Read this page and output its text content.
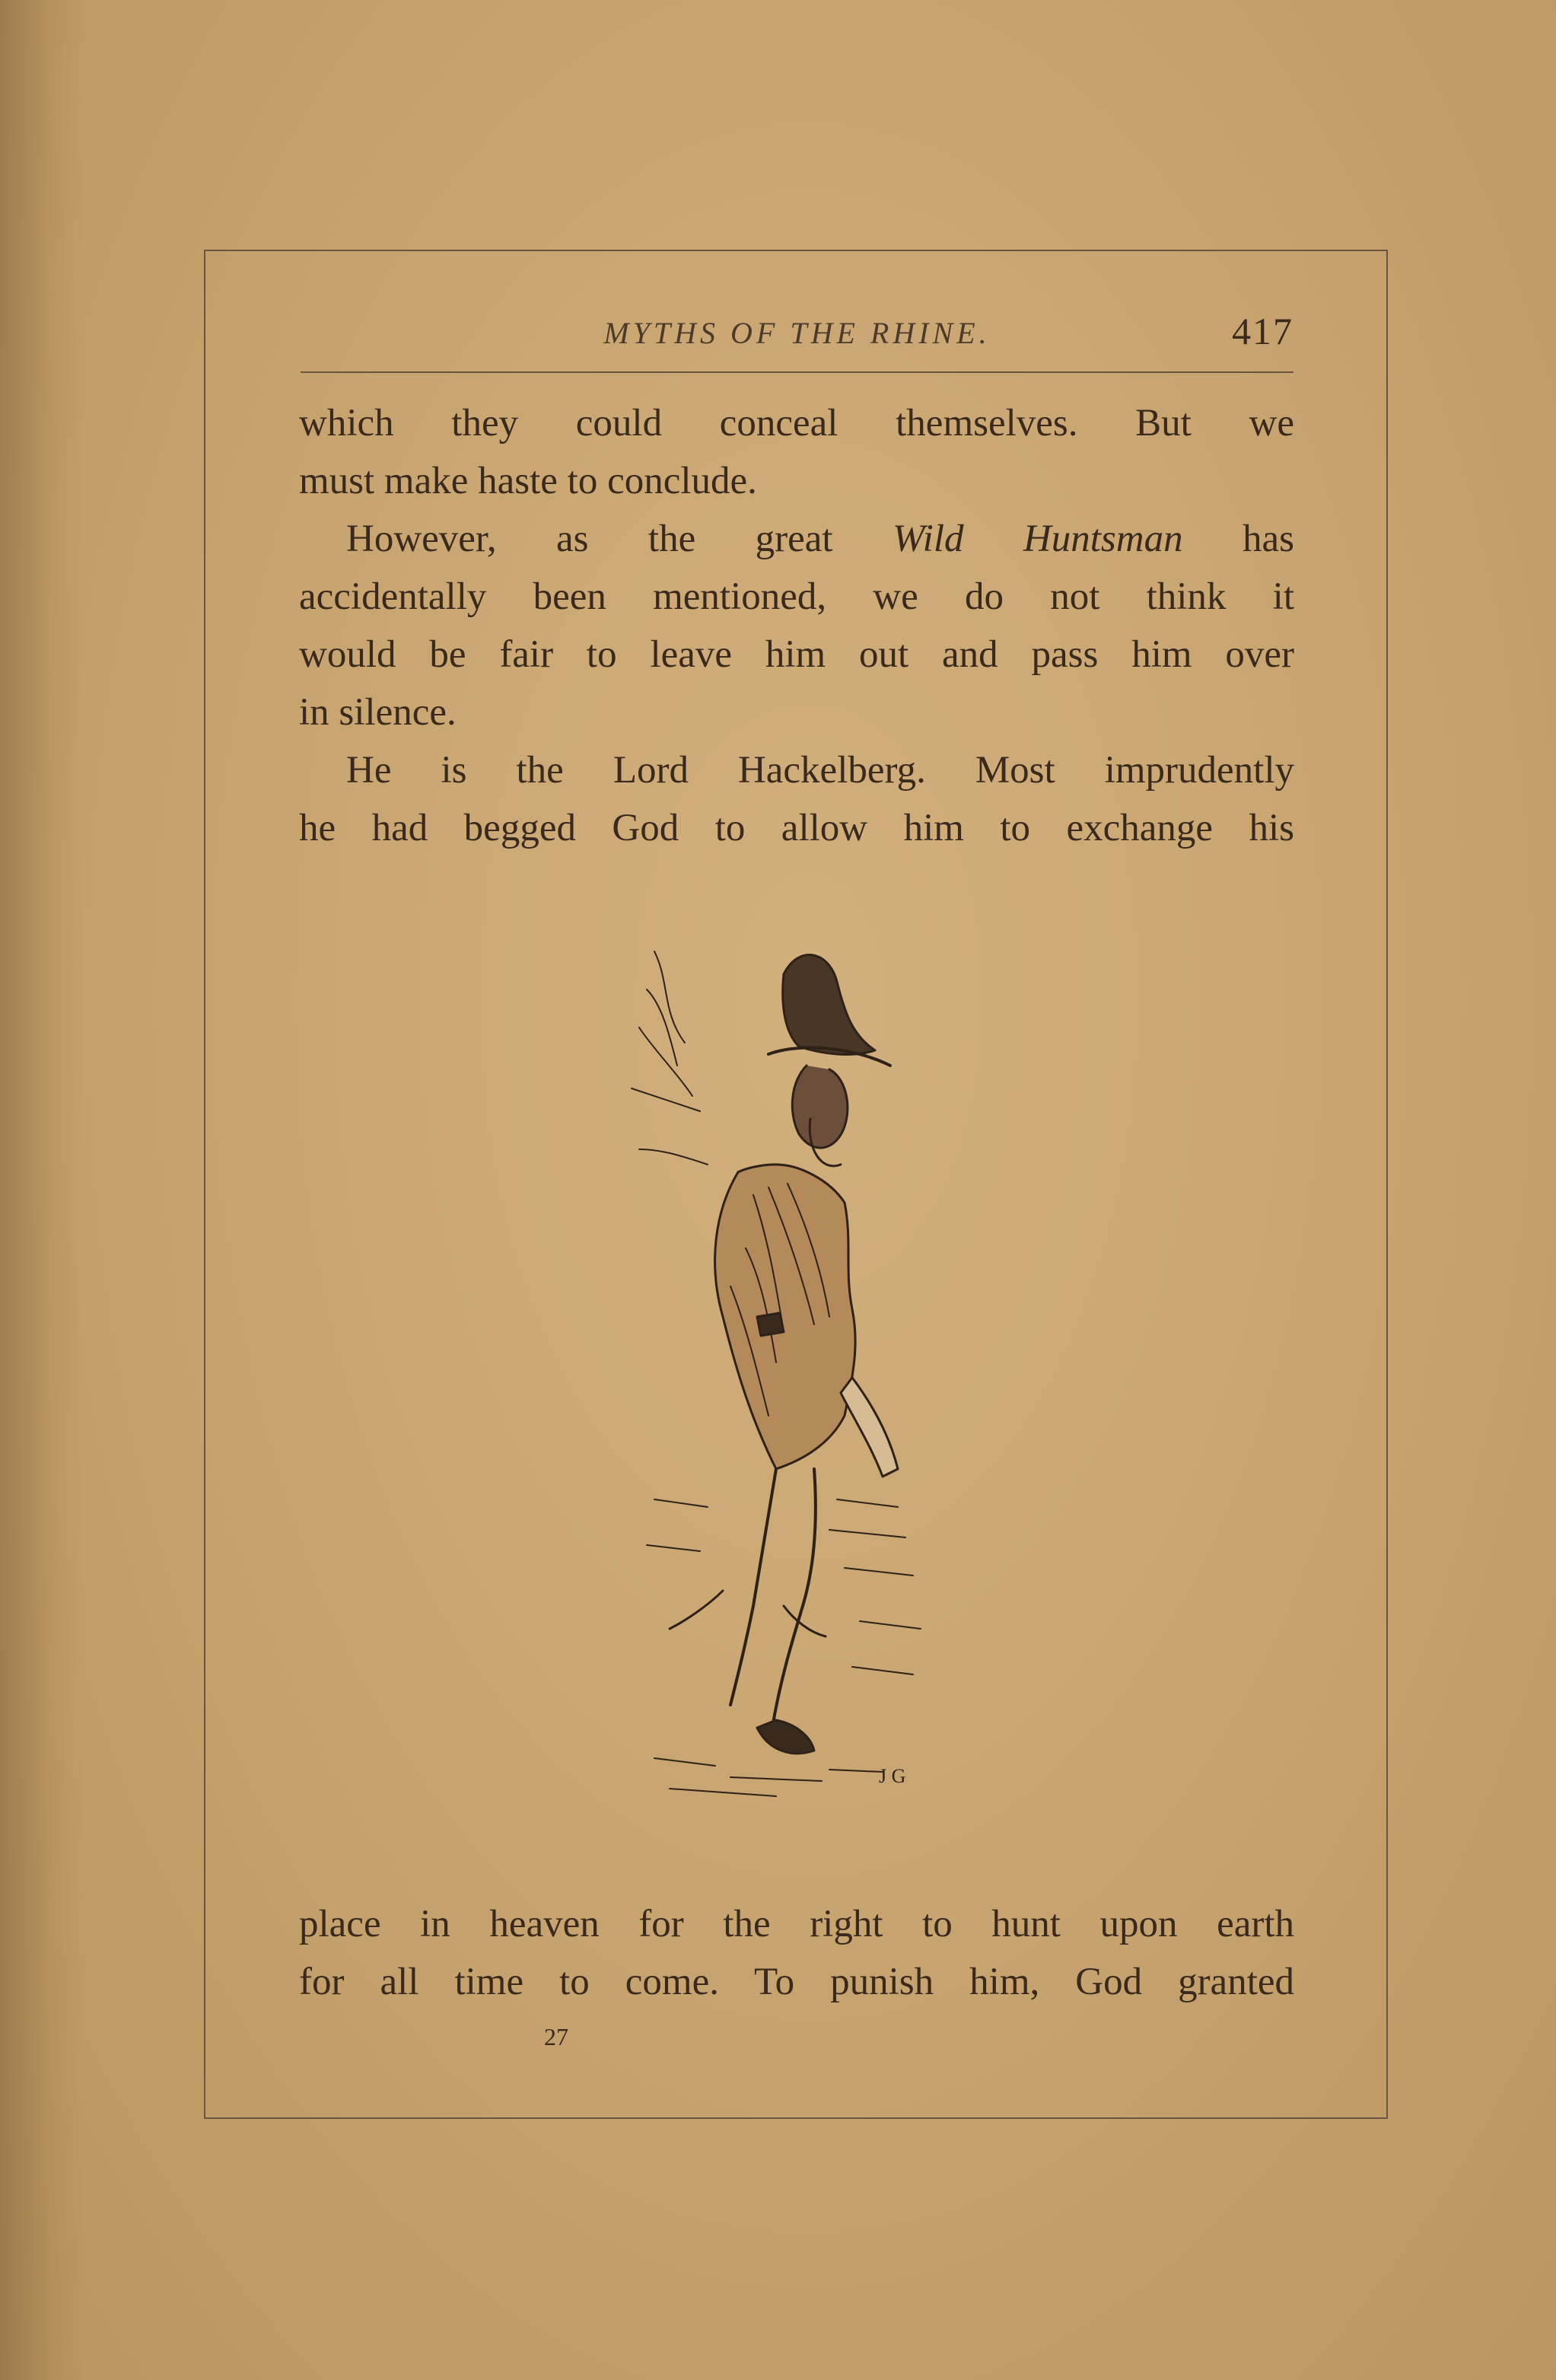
MYTHS OF THE RHINE.	417
which they could conceal themselves. But we
must make haste to conclude.
However, as the great Wild Huntsman has
accidentally been mentioned, we do not think it
would be fair to leave him out and pass him over
in silence.
He is the Lord Hackelberg. Most imprudently
he had begged God to allow him to exchange his
J G
place in heaven for the right to hunt upon earth
for all time to come. To punish him, God granted
27
